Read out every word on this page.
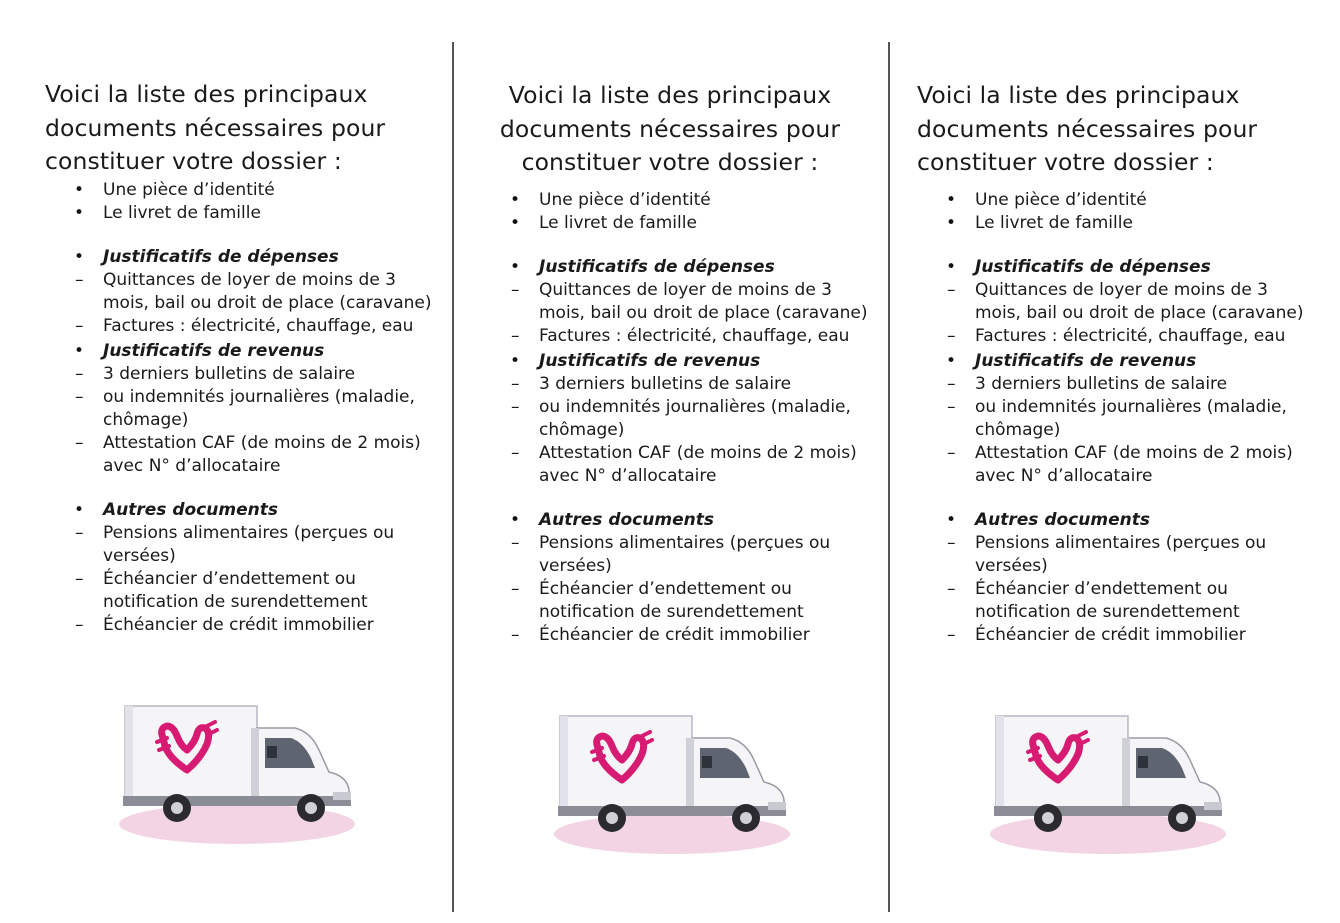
Voici la liste des principaux documents nécessaires pour constituer votre dossier :

• Une pièce d’identité
• Le livret de famille
• Justificatifs de dépenses
– Quittances de loyer de moins de 3 mois, bail ou droit de place (caravane)
– Factures : électricité, chauffage, eau
• Justificatifs de revenus
– 3 derniers bulletins de salaire
– ou indemnités journalières (maladie, chômage)
– Attestation CAF (de moins de 2 mois) avec N° d’allocataire
• Autres documents
– Pensions alimentaires (perçues ou versées)
– Échéancier d’endettement ou notification de surendettement
– Échéancier de crédit immobilier

Voici la liste des principaux documents nécessaires pour constituer votre dossier :

• Une pièce d’identité
• Le livret de famille
• Justificatifs de dépenses
– Quittances de loyer de moins de 3 mois, bail ou droit de place (caravane)
– Factures : électricité, chauffage, eau
• Justificatifs de revenus
– 3 derniers bulletins de salaire
– ou indemnités journalières (maladie, chômage)
– Attestation CAF (de moins de 2 mois) avec N° d’allocataire
• Autres documents
– Pensions alimentaires (perçues ou versées)
– Échéancier d’endettement ou notification de surendettement
– Échéancier de crédit immobilier

Voici la liste des principaux documents nécessaires pour constituer votre dossier :

• Une pièce d’identité
• Le livret de famille
• Justificatifs de dépenses
– Quittances de loyer de moins de 3 mois, bail ou droit de place (caravane)
– Factures : électricité, chauffage, eau
• Justificatifs de revenus
– 3 derniers bulletins de salaire
– ou indemnités journalières (maladie, chômage)
– Attestation CAF (de moins de 2 mois) avec N° d’allocataire
• Autres documents
– Pensions alimentaires (perçues ou versées)
– Échéancier d’endettement ou notification de surendettement
– Échéancier de crédit immobilier
